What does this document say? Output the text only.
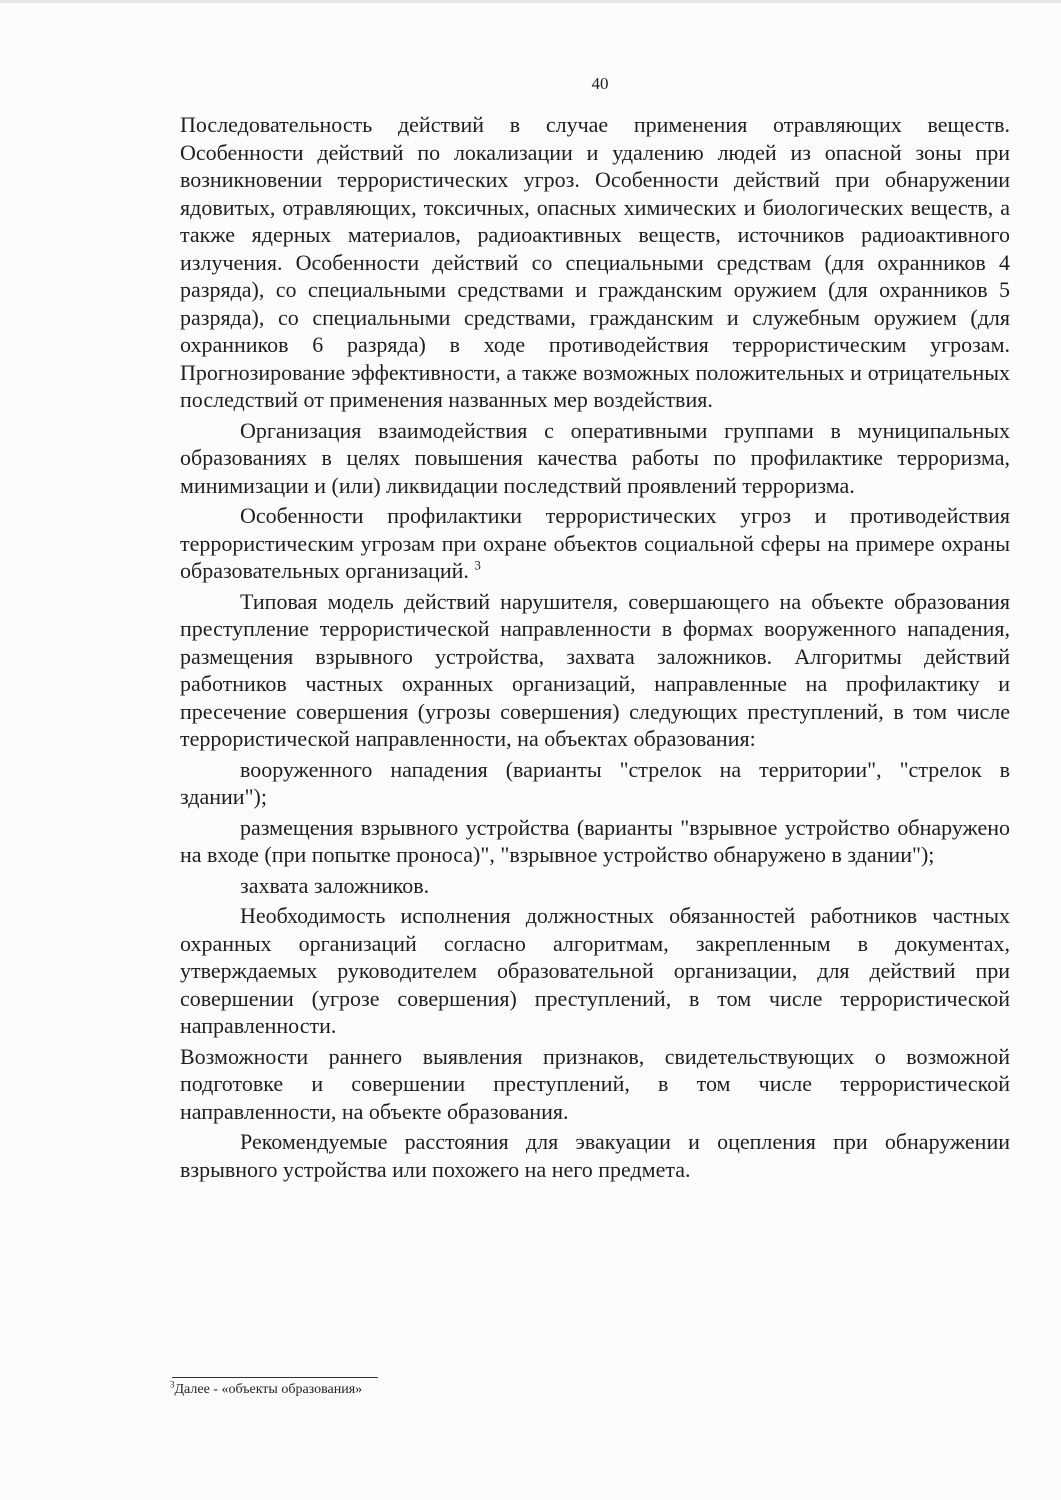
40

Последовательность действий в случае применения отравляющих веществ. Особенности действий по локализации и удалению людей из опасной зоны при возникновении террористических угроз. Особенности действий при обнаружении ядовитых, отравляющих, токсичных, опасных химических и биологических веществ, а также ядерных материалов, радиоактивных веществ, источников радиоактивного излучения. Особенности действий со специальными средствам (для охранников 4 разряда), со специальными средствами и гражданским оружием (для охранников 5 разряда), со специальными средствами, гражданским и служебным оружием (для охранников 6 разряда) в ходе противодействия террористическим угрозам. Прогнозирование эффективности, а также возможных положительных и отрицательных последствий от применения названных мер воздействия.

Организация взаимодействия с оперативными группами в муниципальных образованиях в целях повышения качества работы по профилактике терроризма, минимизации и (или) ликвидации последствий проявлений терроризма.

Особенности профилактики террористических угроз и противодействия террористическим угрозам при охране объектов социальной сферы на примере охраны образовательных организаций. $^3$

Типовая модель действий нарушителя, совершающего на объекте образования преступление террористической направленности в формах вооруженного нападения, размещения взрывного устройства, захвата заложников. Алгоритмы действий работников частных охранных организаций, направленные на профилактику и пресечение совершения (угрозы совершения) следующих преступлений, в том числе террористической направленности, на объектах образования:

вооруженного нападения (варианты "стрелок на территории", "стрелок в здании");

размещения взрывного устройства (варианты "взрывное устройство обнаружено на входе (при попытке проноса)", "взрывное устройство обнаружено в здании");

захвата заложников.

Необходимость исполнения должностных обязанностей работников частных охранных организаций согласно алгоритмам, закрепленным в документах, утверждаемых руководителем образовательной организации, для действий при совершении (угрозе совершения) преступлений, в том числе террористической направленности.

Возможности раннего выявления признаков, свидетельствующих о возможной подготовке и совершении преступлений, в том числе террористической направленности, на объекте образования.

Рекомендуемые расстояния для эвакуации и оцепления при обнаружении взрывного устройства или похожего на него предмета.

$^3$Далее - «объекты образования»
